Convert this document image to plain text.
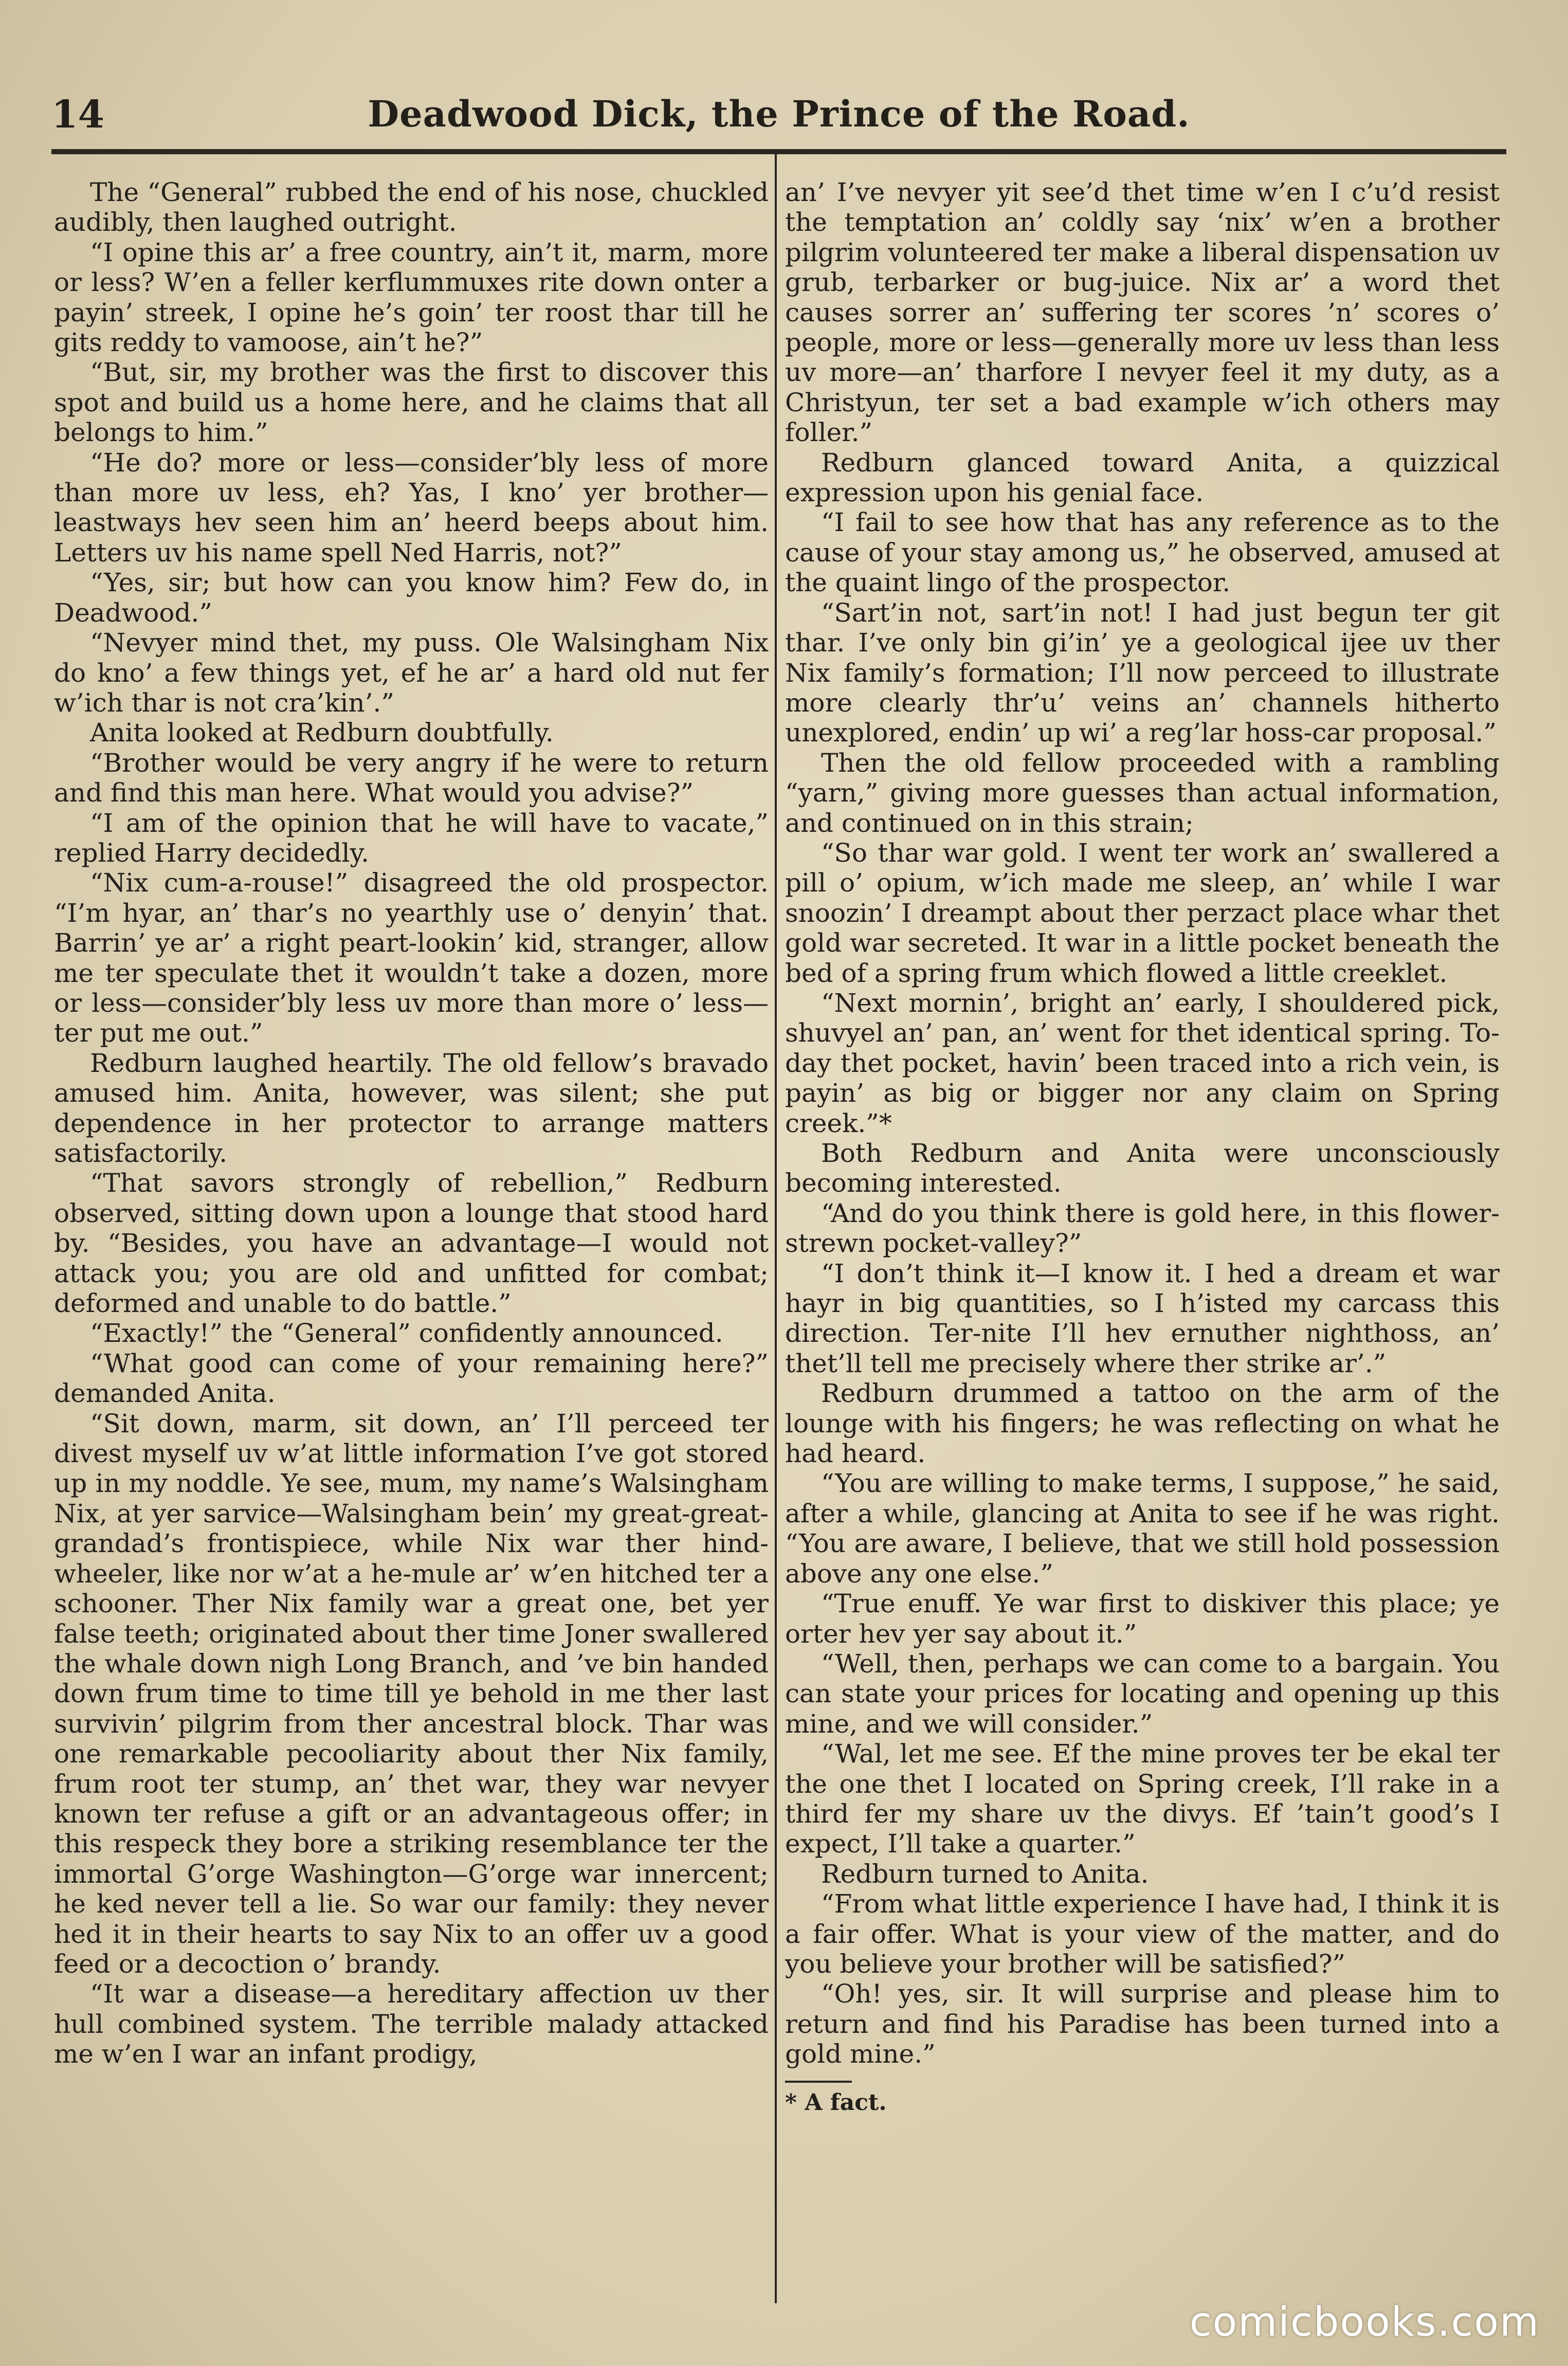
14	Deadwood Dick, the Prince of the Road.

The “General” rubbed the end of his nose, chuckled audibly, then laughed outright.

“I opine this ar’ a free country, ain’t it, marm, more or less? W’en a feller kerflummuxes rite down onter a payin’ streek, I opine he’s goin’ ter roost thar till he gits reddy to vamoose, ain’t he?”

“But, sir, my brother was the first to discover this spot and build us a home here, and he claims that all belongs to him.”

“He do? more or less—consider’bly less of more than more uv less, eh? Yas, I kno’ yer brother—leastways hev seen him an’ heerd beeps about him. Letters uv his name spell Ned Harris, not?”

“Yes, sir; but how can you know him? Few do, in Deadwood.”

“Nevyer mind thet, my puss. Ole Walsingham Nix do kno’ a few things yet, ef he ar’ a hard old nut fer w’ich thar is not cra’kin’.”

Anita looked at Redburn doubtfully.

“Brother would be very angry if he were to return and find this man here. What would you advise?”

“I am of the opinion that he will have to vacate,” replied Harry decidedly.

“Nix cum-a-rouse!” disagreed the old prospector. “I’m hyar, an’ thar’s no yearthly use o’ denyin’ that. Barrin’ ye ar’ a right peart-lookin’ kid, stranger, allow me ter speculate thet it wouldn’t take a dozen, more or less—consider’bly less uv more than more o’ less—ter put me out.”

Redburn laughed heartily. The old fellow’s bravado amused him. Anita, however, was silent; she put dependence in her protector to arrange matters satisfactorily.

“That savors strongly of rebellion,” Redburn observed, sitting down upon a lounge that stood hard by. “Besides, you have an advantage—I would not attack you; you are old and unfitted for combat; deformed and unable to do battle.”

“Exactly!” the “General” confidently announced.

“What good can come of your remaining here?” demanded Anita.

“Sit down, marm, sit down, an’ I’ll perceed ter divest myself uv w’at little information I’ve got stored up in my noddle. Ye see, mum, my name’s Walsingham Nix, at yer sarvice—Walsingham bein’ my great-great-grandad’s frontispiece, while Nix war ther hind-wheeler, like nor w’at a he-mule ar’ w’en hitched ter a schooner. Ther Nix family war a great one, bet yer false teeth; originated about ther time Joner swallered the whale down nigh Long Branch, and ’ve bin handed down frum time to time till ye behold in me ther last survivin’ pilgrim from ther ancestral block. Thar was one remarkable pecooliarity about ther Nix family, frum root ter stump, an’ thet war, they war nevyer known ter refuse a gift or an advantageous offer; in this respeck they bore a striking resemblance ter the immortal G’orge Washington—G’orge war innercent; he ked never tell a lie. So war our family: they never hed it in their hearts to say Nix to an offer uv a good feed or a decoction o’ brandy.

“It war a disease—a hereditary affection uv ther hull combined system. The terrible malady attacked me w’en I war an infant prodigy,

an’ I’ve nevyer yit see’d thet time w’en I c’u’d resist the temptation an’ coldly say ‘nix’ w’en a brother pilgrim volunteered ter make a liberal dispensation uv grub, terbarker or bug-juice. Nix ar’ a word thet causes sorrer an’ suffering ter scores ’n’ scores o’ people, more or less—generally more uv less than less uv more—an’ tharfore I nevyer feel it my duty, as a Christyun, ter set a bad example w’ich others may foller.”

Redburn glanced toward Anita, a quizzical expression upon his genial face.

“I fail to see how that has any reference as to the cause of your stay among us,” he observed, amused at the quaint lingo of the prospector.

“Sart’in not, sart’in not! I had just begun ter git thar. I’ve only bin gi’in’ ye a geological ijee uv ther Nix family’s formation; I’ll now perceed to illustrate more clearly thr’u’ veins an’ channels hitherto unexplored, endin’ up wi’ a reg’lar hoss-car proposal.”

Then the old fellow proceeded with a rambling “yarn,” giving more guesses than actual information, and continued on in this strain;

“So thar war gold. I went ter work an’ swallered a pill o’ opium, w’ich made me sleep, an’ while I war snoozin’ I dreampt about ther perzact place whar thet gold war secreted. It war in a little pocket beneath the bed of a spring frum which flowed a little creeklet.

“Next mornin’, bright an’ early, I shouldered pick, shuvyel an’ pan, an’ went for thet identical spring. To-day thet pocket, havin’ been traced into a rich vein, is payin’ as big or bigger nor any claim on Spring creek.”*

Both Redburn and Anita were unconsciously becoming interested.

“And do you think there is gold here, in this flower-strewn pocket-valley?”

“I don’t think it—I know it. I hed a dream et war hayr in big quantities, so I h’isted my carcass this direction. Ter-nite I’ll hev ernuther nighthoss, an’ thet’ll tell me precisely where ther strike ar’.”

Redburn drummed a tattoo on the arm of the lounge with his fingers; he was reflecting on what he had heard.

“You are willing to make terms, I suppose,” he said, after a while, glancing at Anita to see if he was right. “You are aware, I believe, that we still hold possession above any one else.”

“True enuff. Ye war first to diskiver this place; ye orter hev yer say about it.”

“Well, then, perhaps we can come to a bargain. You can state your prices for locating and opening up this mine, and we will consider.”

“Wal, let me see. Ef the mine proves ter be ekal ter the one thet I located on Spring creek, I’ll rake in a third fer my share uv the divys. Ef ’tain’t good’s I expect, I’ll take a quarter.”

Redburn turned to Anita.

“From what little experience I have had, I think it is a fair offer. What is your view of the matter, and do you believe your brother will be satisfied?”

“Oh! yes, sir. It will surprise and please him to return and find his Paradise has been turned into a gold mine.”

* A fact.

comicbooks.com
